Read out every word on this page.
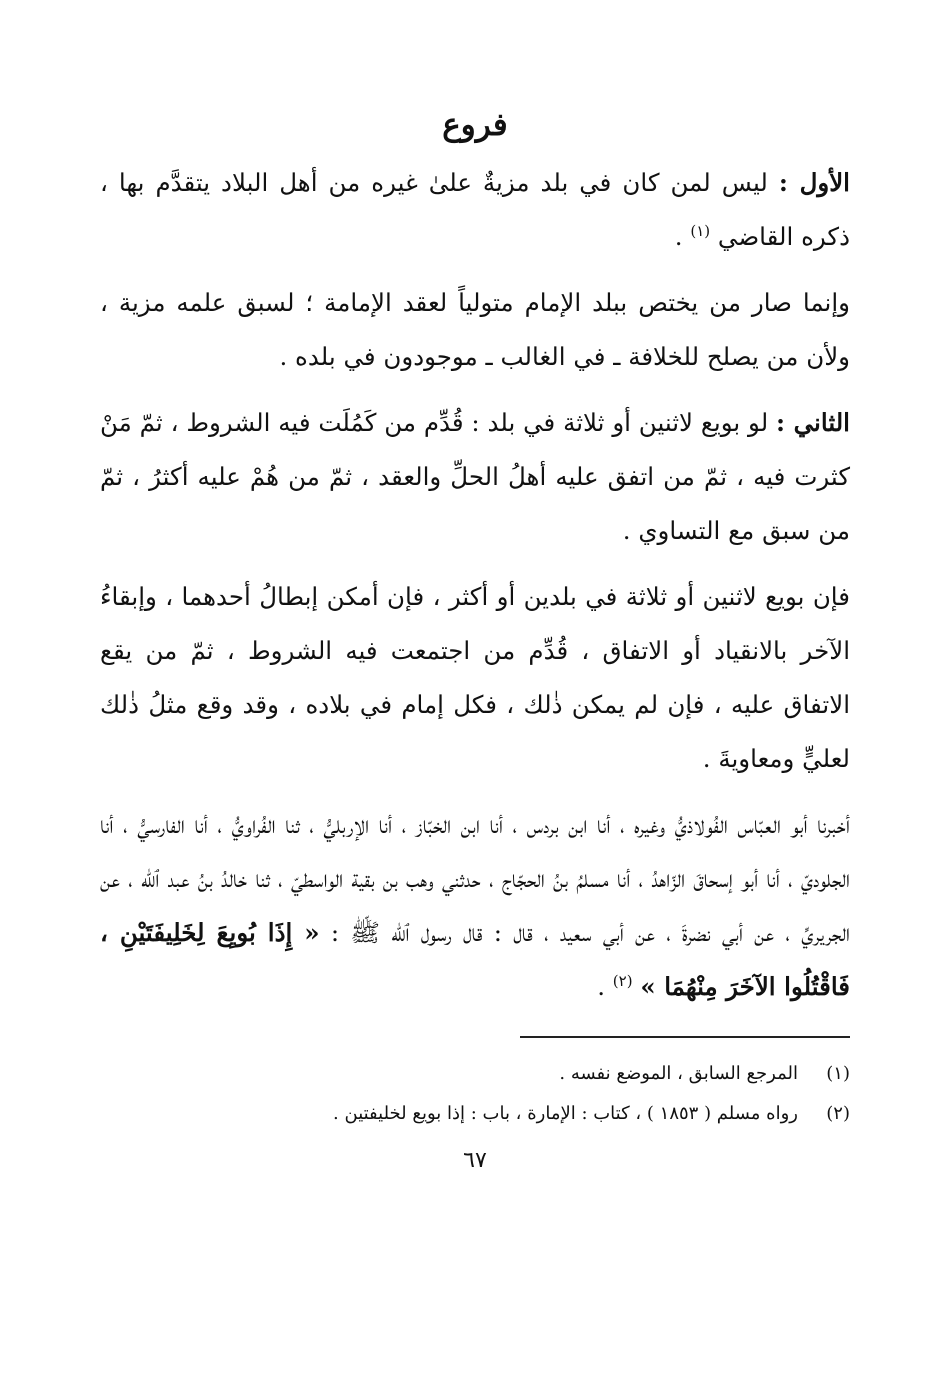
فروع

الأول : ليس لمن كان في بلد مزيةٌ علىٰ غيره من أهل البلاد يتقدَّم بها ، ذكره القاضي $^{(١)}$ .

وإنما صار من يختص ببلد الإمام متولياً لعقد الإمامة ؛ لسبق علمه مزية ، ولأن من يصلح للخلافة ـ في الغالب ـ موجودون في بلده .

الثاني : لو بويع لاثنين أو ثلاثة في بلد : قُدِّم من كَمُلَت فيه الشروط ، ثمّ مَنْ كثرت فيه ، ثمّ من اتفق عليه أهلُ الحلِّ والعقد ، ثمّ من هُمْ عليه أكثرُ ، ثمّ من سبق مع التساوي .

فإن بويع لاثنين أو ثلاثة في بلدين أو أكثر ، فإن أمكن إبطالُ أحدهما ، وإبقاءُ الآخر بالانقياد أو الاتفاق ، قُدِّم من اجتمعت فيه الشروط ، ثمّ من يقع الاتفاق عليه ، فإن لم يمكن ذٰلك ، فكل إمام في بلاده ، وقد وقع مثلُ ذٰلك لعليٍّ ومعاويةَ .

أخبرنا أبو العبّاس الفُولاذيُّ وغيره ، أنا ابن بردس ، أنا ابن الخبّاز ، أنا الإربليُّ ، ثنا الفُراويُّ ، أنا الفارسيُّ ، أنا الجلوديّ ، أنا أبو إسحاقَ الزّاهدُ ، أنا مسلمُ بنُ الحجّاج ، حدثني وهب بن بقية الواسطيّ ، ثنا خالدُ بنُ عبد ٱلله ، عن الجريريِّ ، عن أبي نضرةَ ، عن أبي سعيد ، قال : قال رسول ٱلله ﷺ : « إِذَا بُويِعَ لِخَلِيفَتَيْنِ ، فَاقْتُلُوا الآخَرَ مِنْهُمَا » $^{(٢)}$ .

(١)
المرجع السابق ، الموضع نفسه .
(٢)
رواه مسلم ( ١٨٥٣ ) ، كتاب : الإمارة ، باب : إذا بويع لخليفتين .
٦٧
